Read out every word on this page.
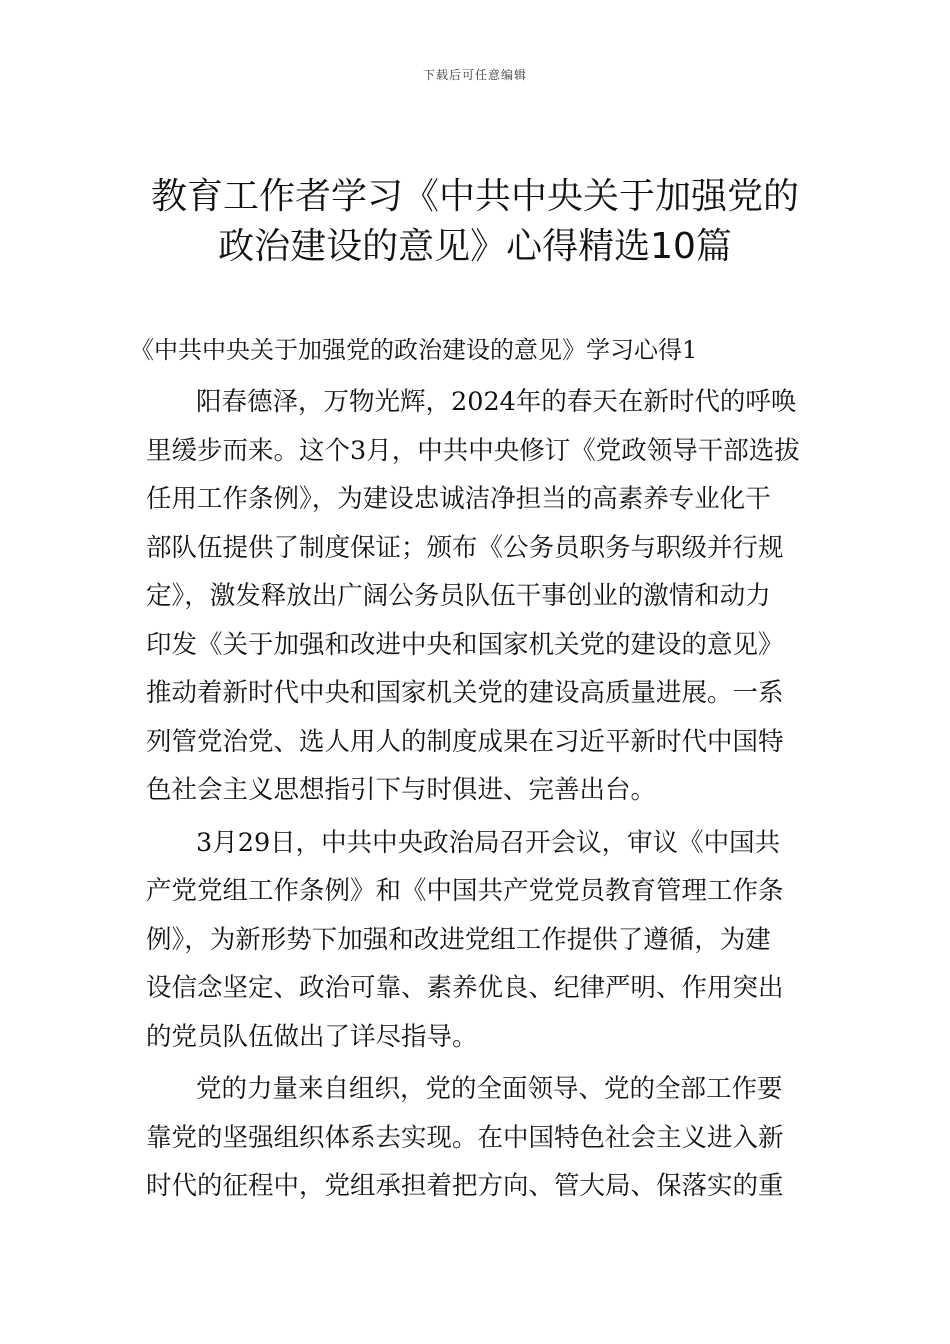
下载后可任意编辑
教育工作者学习《中共中央关于加强党的
政治建设的意见》心得精选10篇
《中共中央关于加强党的政治建设的意见》学习心得1

阳春德泽，万物光辉，2024年的春天在新时代的呼唤
里缓步而来。这个3月，中共中央修订《党政领导干部选拔
任用工作条例》，为建设忠诚洁净担当的高素养专业化干
部队伍提供了制度保证；颁布《公务员职务与职级并行规
定》，激发释放出广阔公务员队伍干事创业的激情和动力
印发《关于加强和改进中央和国家机关党的建设的意见》
推动着新时代中央和国家机关党的建设高质量进展。一系
列管党治党、选人用人的制度成果在习近平新时代中国特
色社会主义思想指引下与时俱进、完善出台。

3月29日，中共中央政治局召开会议，审议《中国共
产党党组工作条例》和《中国共产党党员教育管理工作条
例》，为新形势下加强和改进党组工作提供了遵循，为建
设信念坚定、政治可靠、素养优良、纪律严明、作用突出
的党员队伍做出了详尽指导。

党的力量来自组织，党的全面领导、党的全部工作要
靠党的坚强组织体系去实现。在中国特色社会主义进入新
时代的征程中，党组承担着把方向、管大局、保落实的重
